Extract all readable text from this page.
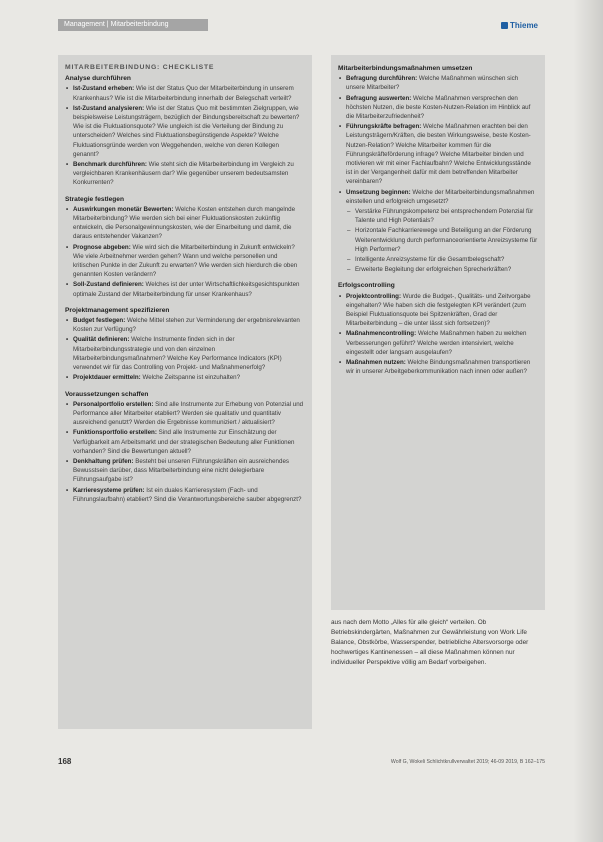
Management | Mitarbeiterbindung	Thieme
MITARBEITERBINDUNG: CHECKLISTE
Analyse durchführen
• Ist-Zustand erheben: Wie ist der Status Quo der Mitarbeiterbindung in unserem Krankenhaus? Wie ist die Mitarbeiterbindung innerhalb der Belegschaft verteilt?
• Ist-Zustand analysieren: Wie ist der Status Quo mit bestimmten Zielgruppen, wie beispielsweise Leistungsträgern, bezüglich der Bindungsbereitschaft zu bewerten? Wie ist die Fluktuationsquote? Wie ungleich ist die Verteilung der Bindung zu unterscheiden? Welches sind Fluktuationsbegünstigende Aspekte? Welche Fluktuationsgründe werden von Weggehenden, welche von deren Kollegen genannt?
• Benchmark durchführen: Wie steht sich die Mitarbeiterbindung im Vergleich zu vergleichbaren Krankenhäusern dar? Wie gegenüber unserem bedeutsamsten Konkurrenten?
Strategie festlegen
• Auswirkungen monetär Bewerten: Welche Kosten entstehen durch mangelnde Mitarbeiterbindung? Wie werden sich bei einer Fluktuationskosten zukünftig entwickeln, die Personalgewinnungskosten, wie der Einarbeitung und damit, die daraus entstehender Vakanzen?
• Prognose abgeben: Wie wird sich die Mitarbeiterbindung in Zukunft entwickeln? Wie viele Arbeitnehmer werden gehen? Wann und welche personellen und kritischen Punkte in der Zukunft zu erwarten? Wie werden sich hierdurch die oben genannten Kosten verändern?
• Soll-Zustand definieren: Welches ist der unter Wirtschaftlichkeitsgesichtspunkten optimale Zustand der Mitarbeiterbindung für unser Krankenhaus?
Projektmanagement spezifizieren
• Budget festlegen: Welche Mittel stehen zur Verminderung der ergebnisrelevanten Kosten zur Verfügung?
• Qualität definieren: Welche Instrumente finden sich in der Mitarbeiterbindungsstrategie und von den einzelnen Mitarbeiterbindungsmaßnahmen? Welche Key Performance Indicators (KPI) verwendet wir für das Controlling von Projekt- und Maßnahmenerfolg?
• Projektdauer ermitteln: Welche Zeitspanne ist einzuhalten?
Voraussetzungen schaffen
• Personalportfolio erstellen: Sind alle Instrumente zur Erhebung von Potenzial und Performance aller Mitarbeiter etabliert? Werden sie qualitativ und quantitativ ausreichend genutzt? Werden die Ergebnisse kommuniziert / aktualisiert?
• Funktionsportfolio erstellen: Sind alle Instrumente zur Einschätzung der Verfügbarkeit am Arbeitsmarkt und der strategischen Bedeutung aller Funktionen vorhanden? Sind die Bewertungen aktuell?
• Denkhaltung prüfen: Besteht bei unseren Führungskräften ein ausreichendes Bewusstsein darüber, dass Mitarbeiterbindung eine nicht delegierbare Führungsaufgabe ist?
• Karrieresysteme prüfen: Ist ein duales Karrieresystem (Fach- und Führungslaufbahn) etabliert? Sind die Verantwortungsbereiche sauber abgegrenzt?
Mitarbeiterbindungsmaßnahmen umsetzen
• Befragung durchführen: Welche Maßnahmen wünschen sich unsere Mitarbeiter?
• Befragung auswerten: Welche Maßnahmen versprechen den höchsten Nutzen, die beste Kosten-Nutzen-Relation im Hinblick auf die Mitarbeiterzufriedenheit?
• Führungskräfte befragen: Welche Maßnahmen erachten bei den Leistungsträgern/Kräften, die besten Wirkungsweise, beste Kosten-Nutzen-Relation? Welche Mitarbeiter kommen für die Führungskräfteförderung infrage? Welche Mitarbeiter binden und motivieren wir mit einer Fachlaufbahn? Welche Entwicklungsstände ist in der Vergangenheit dafür mit dem betreffenden Mitarbeiter vereinbaren?
• Umsetzung beginnen: Welche der Mitarbeiterbindungsmaßnahmen einstellen und erfolgreich umgesetzt?
– Verstärke Führungskompetenz bei entsprechendem Potenzial für Talente und High Potentials?
– Horizontale Fachkarrierewege und Beteiligung an der Förderung Weiterentwicklung durch performanceorientierte Anreizsysteme für High Performer?
– Intelligente Anreizsysteme für die Gesamtbelegschaft?
– Erweiterte Begleitung der erfolgreichen Sprecherkräften?
Erfolgscontrolling
• Projektcontrolling: Wurde die Budget-, Qualitäts- und Zeitvorgabe eingehalten? Wie haben sich die festgelegten KPI verändert (zum Beispiel Fluktuationsquote bei Spitzenkräften, Grad der Mitarbeiterbindung – die unter lässt sich fortsetzen)?
• Maßnahmencontrolling: Welche Maßnahmen haben zu welchen Verbesserungen geführt? Welche werden intensiviert, welche eingestellt oder langsam ausgelaufen?
• Maßnahmen nutzen: Welche Bindungsmaßnahmen transportieren wir in unserer Arbeitgeberkommunikation nach innen oder außen?
aus nach dem Motto „Alles für alle gleich“ verteilen. Ob Betriebskindergärten, Maßnahmen zur Gewährleistung von Work Life Balance, Obstkörbe, Wasserspender, betriebliche Altersvorsorge oder hochwertiges Kantinenessen – all diese Maßnahmen können nur individueller Perspektive völlig am Bedarf vorbeigehen.
168	Wolf G, Wokeli Schlichtkrullverwaltet 2019; 46-09 2019, B 162–175
